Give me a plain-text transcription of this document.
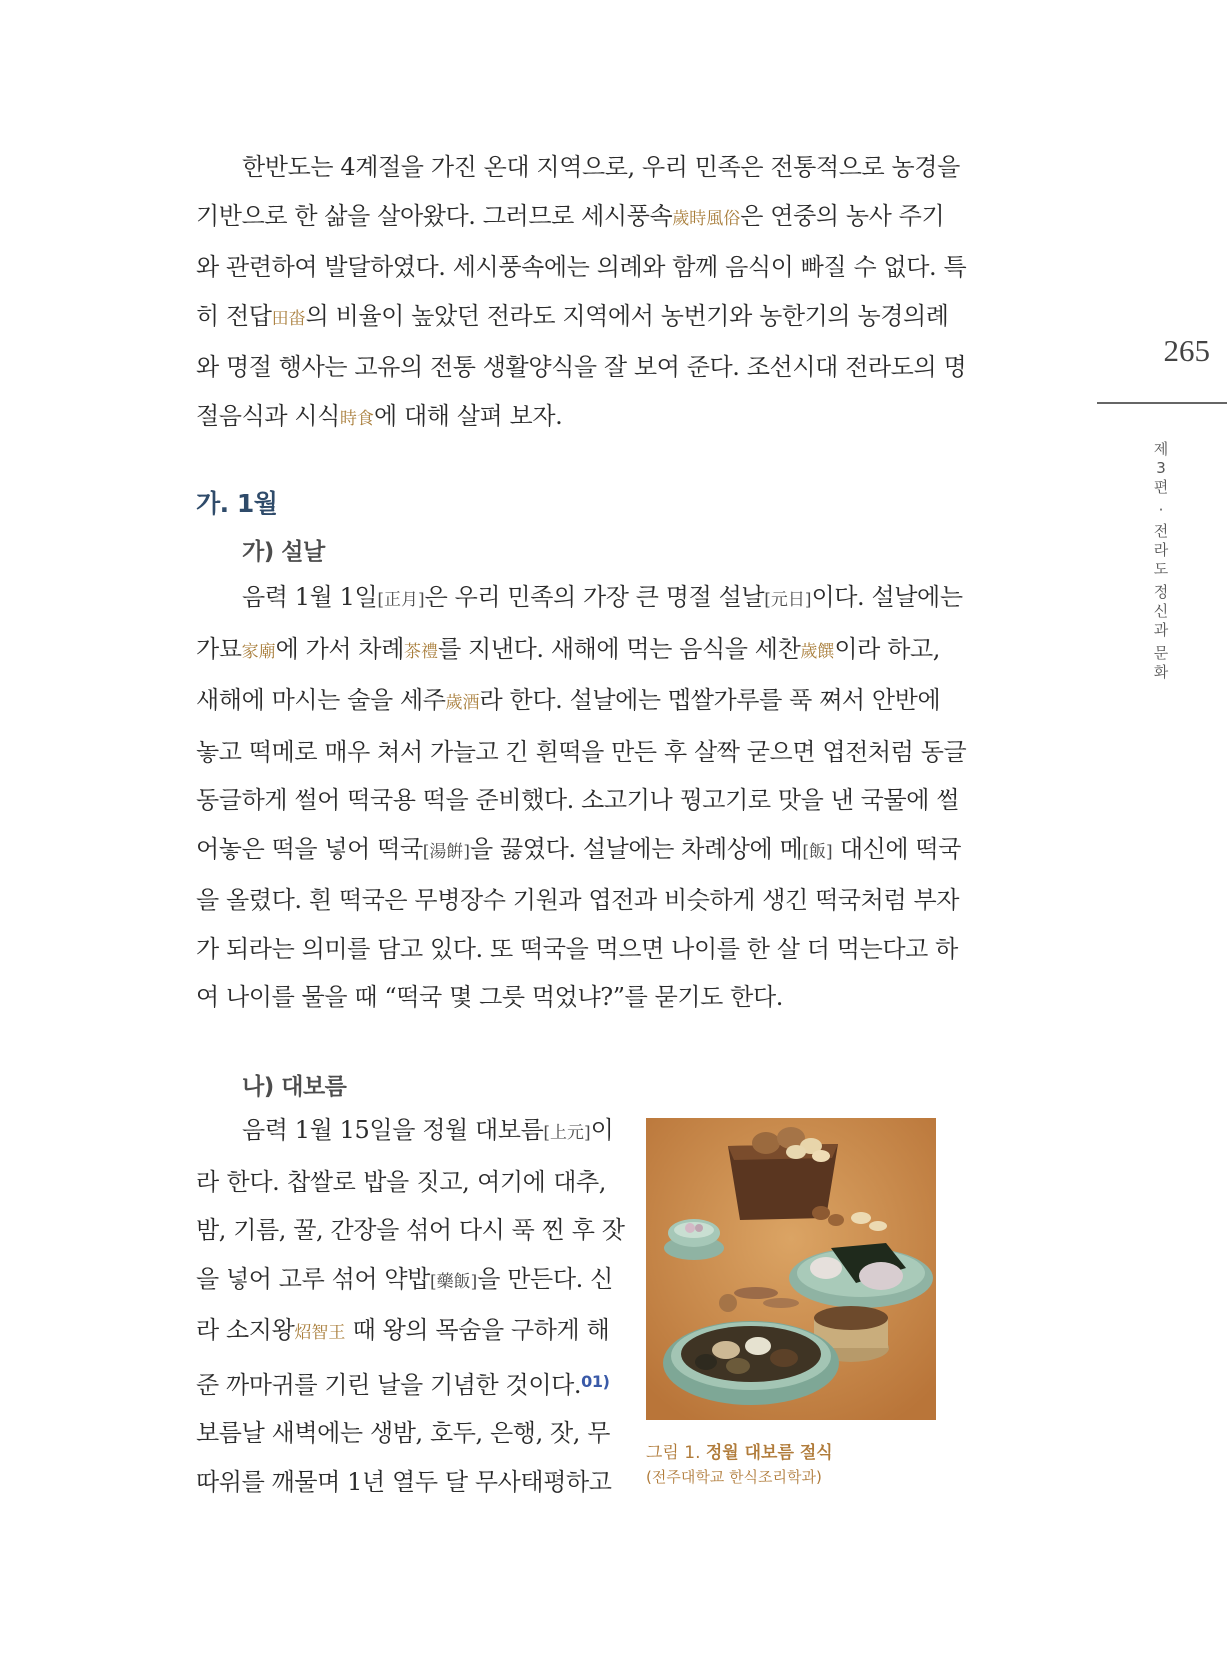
265
제
3
편
·
전
라
도
정
신
과
문
화
한반도는 4계절을 가진 온대 지역으로, 우리 민족은 전통적으로 농경을
기반으로 한 삶을 살아왔다. 그러므로 세시풍속歲時風俗은 연중의 농사 주기
와 관련하여 발달하였다. 세시풍속에는 의례와 함께 음식이 빠질 수 없다. 특
히 전답田畓의 비율이 높았던 전라도 지역에서 농번기와 농한기의 농경의례
와 명절 행사는 고유의 전통 생활양식을 잘 보여 준다. 조선시대 전라도의 명
절음식과 시식時食에 대해 살펴 보자.
가. 1월
가) 설날
음력 1월 1일[正月]은 우리 민족의 가장 큰 명절 설날[元日]이다. 설날에는
가묘家廟에 가서 차례茶禮를 지낸다. 새해에 먹는 음식을 세찬歲饌이라 하고,
새해에 마시는 술을 세주歲酒라 한다. 설날에는 멥쌀가루를 푹 쪄서 안반에
놓고 떡메로 매우 쳐서 가늘고 긴 흰떡을 만든 후 살짝 굳으면 엽전처럼 동글
동글하게 썰어 떡국용 떡을 준비했다. 소고기나 꿩고기로 맛을 낸 국물에 썰
어놓은 떡을 넣어 떡국[湯餠]을 끓였다. 설날에는 차례상에 메[飯] 대신에 떡국
을 올렸다. 흰 떡국은 무병장수 기원과 엽전과 비슷하게 생긴 떡국처럼 부자
가 되라는 의미를 담고 있다. 또 떡국을 먹으면 나이를 한 살 더 먹는다고 하
여 나이를 물을 때 “떡국 몇 그릇 먹었냐?”를 묻기도 한다.
나) 대보름
음력 1월 15일을 정월 대보름[上元]이
라 한다. 찹쌀로 밥을 짓고, 여기에 대추,
밤, 기름, 꿀, 간장을 섞어 다시 푹 찐 후 잣
을 넣어 고루 섞어 약밥[藥飯]을 만든다. 신
라 소지왕炤智王 때 왕의 목숨을 구하게 해
준 까마귀를 기린 날을 기념한 것이다.$^{01)}$
보름날 새벽에는 생밤, 호두, 은행, 잣, 무
따위를 깨물며 1년 열두 달 무사태평하고
그림 1. 정월 대보름 절식
(전주대학교 한식조리학과)
